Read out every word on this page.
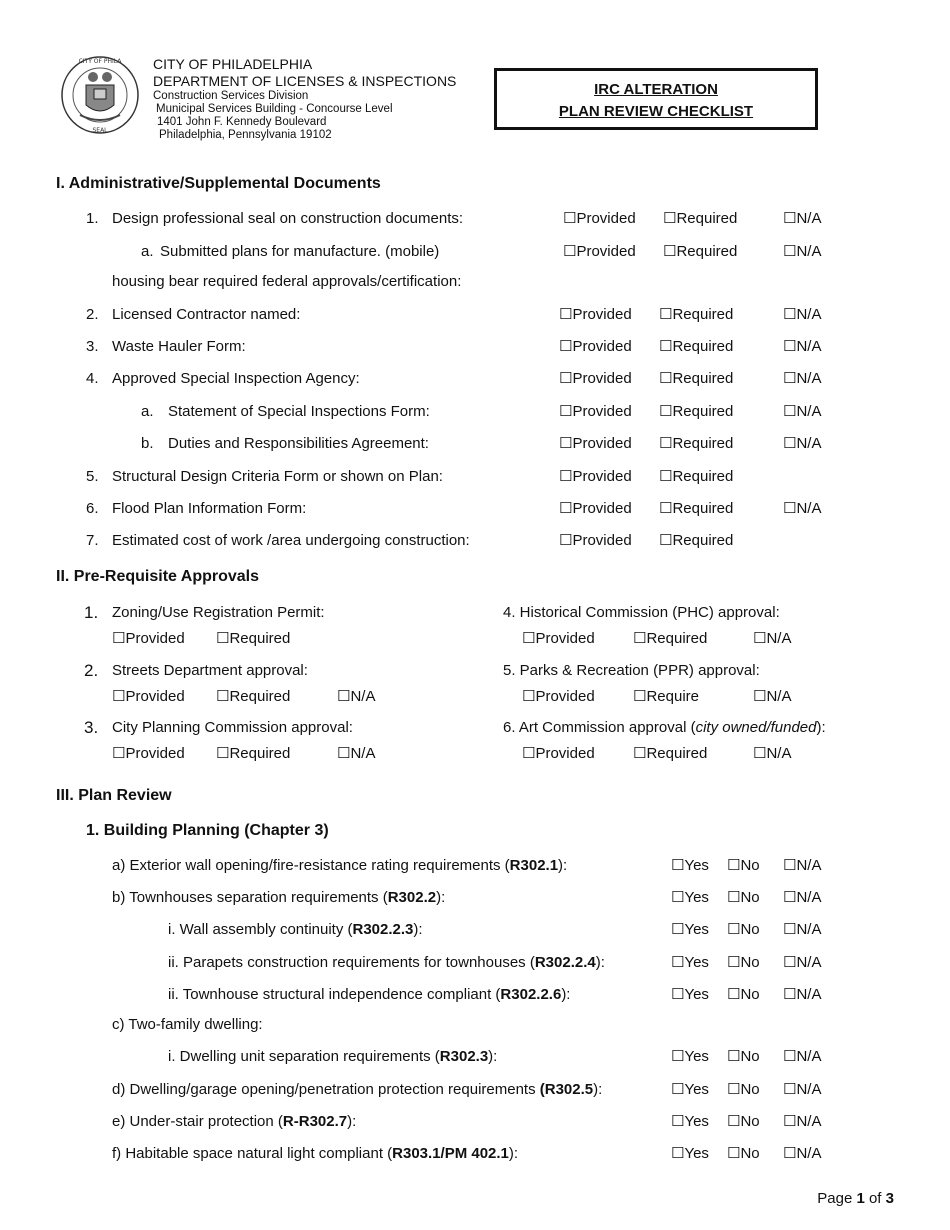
CITY OF PHILA
SEAL
CITY OF PHILADELPHIA
DEPARTMENT OF LICENSES & INSPECTIONS
Construction Services Division
Municipal Services Building - Concourse Level
1401 John F. Kennedy Boulevard
Philadelphia, Pennsylvania 19102
IRC ALTERATION
PLAN REVIEW CHECKLIST
I. Administrative/Supplemental Documents
1. Design professional seal on construction documents: ☐	Provided ☐	Required ☐	N/A
a. Submitted plans for manufacture. (mobile) ☐	Provided ☐	Required ☐	N/A
housing bear required federal approvals/certification:
2. Licensed Contractor named: ☐	Provided ☐	Required ☐	N/A
3. Waste Hauler Form: ☐	Provided ☐	Required ☐	N/A
4. Approved Special Inspection Agency: ☐	Provided ☐	Required ☐	N/A
a. Statement of Special Inspections Form: ☐	Provided ☐	Required ☐	N/A
b. Duties and Responsibilities Agreement: ☐	Provided ☐	Required ☐	N/A
5. Structural Design Criteria Form or shown on Plan: ☐	Provided ☐	Required
6. Flood Plan Information Form: ☐	Provided ☐	Required ☐	N/A
7. Estimated cost of work /area undergoing construction: ☐	Provided ☐	Required
II. Pre-Requisite Approvals
1. Zoning/Use Registration Permit:
☐ Provided ☐	Required
2. Streets Department approval:
☐ Provided ☐	Required ☐	N/A
3. City Planning Commission approval:
☐ Provided ☐	Required ☐	N/A
4. Historical Commission (PHC) approval:
☐ Provided ☐	Required ☐	N/A
5. Parks & Recreation (PPR) approval:
☐ Provided ☐	Require ☐	N/A
6. Art Commission approval (city owned/funded):
☐ Provided ☐	Required ☐	N/A
III. Plan Review
1. Building Planning (Chapter 3)
a) Exterior wall opening/fire-resistance rating requirements (R302.1): ☐	Yes ☐	No ☐	N/A
b) Townhouses separation requirements (R302.2): ☐	Yes ☐	No ☐	N/A
i. Wall assembly continuity (R302.2.3): ☐	Yes ☐	No ☐	N/A
ii. Parapets construction requirements for townhouses (R302.2.4): ☐	Yes ☐	No ☐	N/A
ii. Townhouse structural independence compliant (R302.2.6): ☐	Yes ☐	No ☐	N/A
c) Two-family dwelling:
i. Dwelling unit separation requirements (R302.3): ☐	Yes ☐	No ☐	N/A
d) Dwelling/garage opening/penetration protection requirements (R302.5): ☐	Yes ☐	No ☐	N/A
e) Under-stair protection (R-R302.7): ☐	Yes ☐	No ☐	N/A
f) Habitable space natural light compliant (R303.1/PM 402.1): ☐	Yes ☐	No ☐	N/A
Page 1 of 3
